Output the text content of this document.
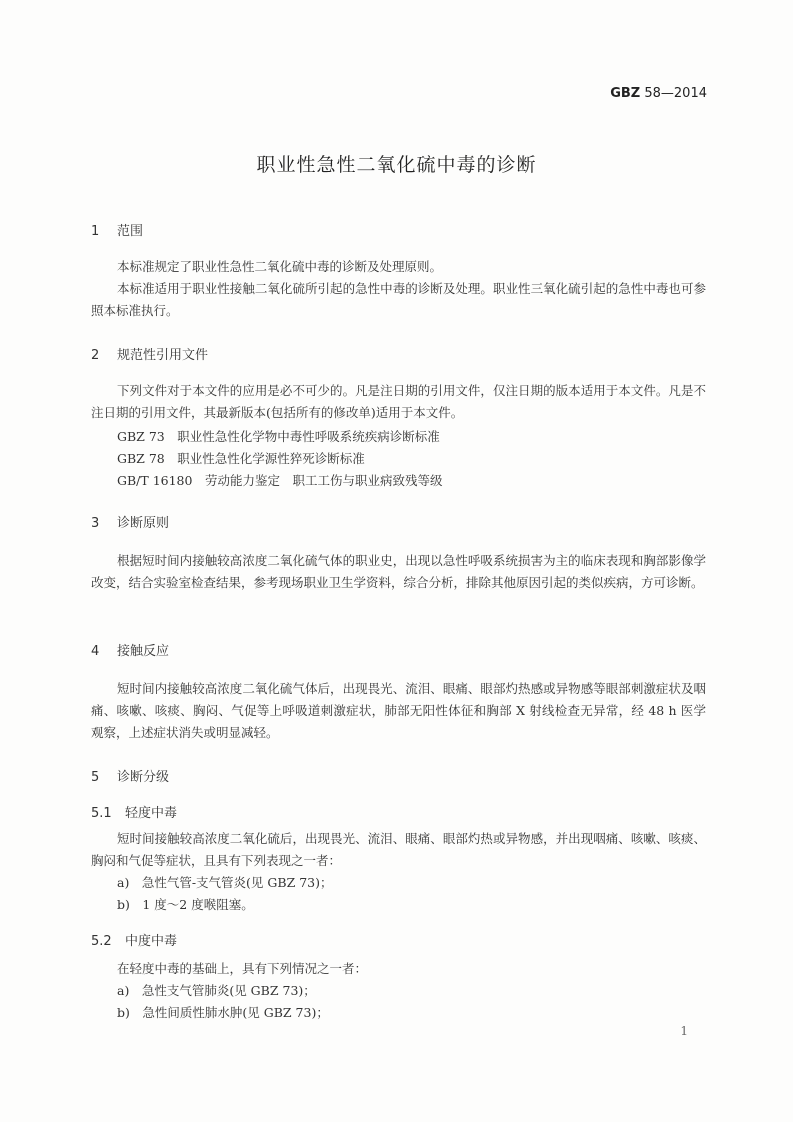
GBZ 58—2014
职业性急性二氧化硫中毒的诊断
1 范围
本标准规定了职业性急性二氧化硫中毒的诊断及处理原则。
本标准适用于职业性接触二氧化硫所引起的急性中毒的诊断及处理。职业性三氧化硫引起的急性中毒也可参照本标准执行。
2 规范性引用文件
下列文件对于本文件的应用是必不可少的。凡是注日期的引用文件，仅注日期的版本适用于本文件。凡是不注日期的引用文件，其最新版本(包括所有的修改单)适用于本文件。
GBZ 73　职业性急性化学物中毒性呼吸系统疾病诊断标准
GBZ 78　职业性急性化学源性猝死诊断标准
GB/T 16180　劳动能力鉴定　职工工伤与职业病致残等级
3 诊断原则
根据短时间内接触较高浓度二氧化硫气体的职业史，出现以急性呼吸系统损害为主的临床表现和胸部影像学改变，结合实验室检查结果，参考现场职业卫生学资料，综合分析，排除其他原因引起的类似疾病，方可诊断。
4 接触反应
短时间内接触较高浓度二氧化硫气体后，出现畏光、流泪、眼痛、眼部灼热感或异物感等眼部刺激症状及咽痛、咳嗽、咳痰、胸闷、气促等上呼吸道刺激症状，肺部无阳性体征和胸部 X 射线检查无异常，经 48 h 医学观察，上述症状消失或明显减轻。
5 诊断分级
5.1 轻度中毒
短时间接触较高浓度二氧化硫后，出现畏光、流泪、眼痛、眼部灼热或异物感，并出现咽痛、咳嗽、咳痰、胸闷和气促等症状，且具有下列表现之一者：
a)　急性气管-支气管炎(见 GBZ 73)；
b)　1 度～2 度喉阻塞。
5.2 中度中毒
在轻度中毒的基础上，具有下列情况之一者：
a)　急性支气管肺炎(见 GBZ 73)；
b)　急性间质性肺水肿(见 GBZ 73)；
1
